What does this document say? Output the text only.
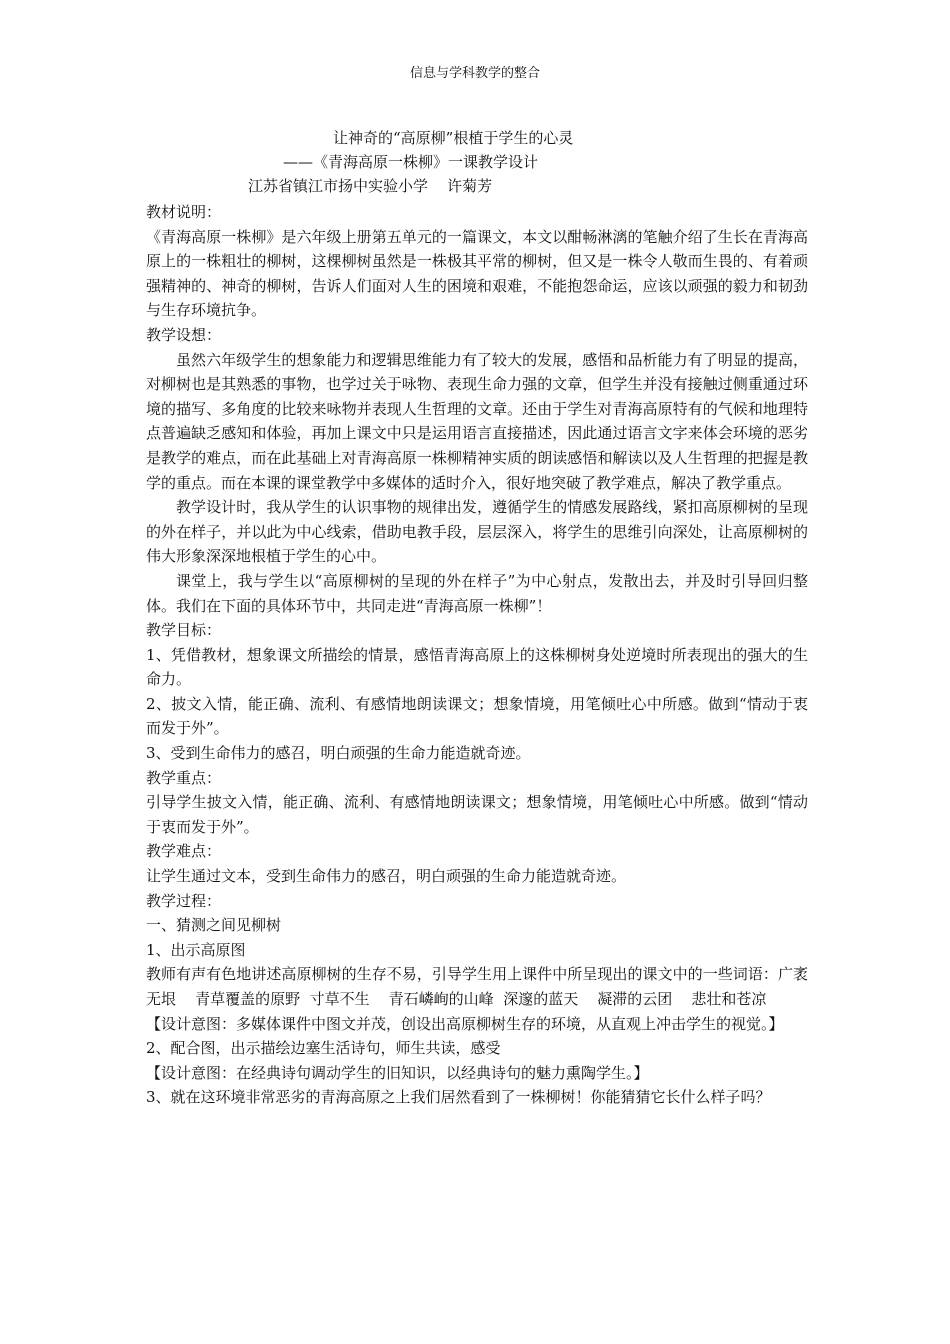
信息与学科教学的整合
让神奇的“高原柳”根植于学生的心灵
——《青海高原一株柳》一课教学设计
江苏省镇江市扬中实验小学    许菊芳

教材说明：

《青海高原一株柳》是六年级上册第五单元的一篇课文，本文以酣畅淋漓的笔触介绍了生长在青海高原上的一株粗壮的柳树，这棵柳树虽然是一株极其平常的柳树，但又是一株令人敬而生畏的、有着顽强精神的、神奇的柳树，告诉人们面对人生的困境和艰难，不能抱怨命运，应该以顽强的毅力和韧劲与生存环境抗争。

教学设想：

虽然六年级学生的想象能力和逻辑思维能力有了较大的发展，感悟和品析能力有了明显的提高，对柳树也是其熟悉的事物，也学过关于咏物、表现生命力强的文章，但学生并没有接触过侧重通过环境的描写、多角度的比较来咏物并表现人生哲理的文章。还由于学生对青海高原特有的气候和地理特点普遍缺乏感知和体验，再加上课文中只是运用语言直接描述，因此通过语言文字来体会环境的恶劣是教学的难点，而在此基础上对青海高原一株柳精神实质的朗读感悟和解读以及人生哲理的把握是教学的重点。而在本课的课堂教学中多媒体的适时介入，很好地突破了教学难点，解决了教学重点。

教学设计时，我从学生的认识事物的规律出发，遵循学生的情感发展路线，紧扣高原柳树的呈现的外在样子，并以此为中心线索，借助电教手段，层层深入，将学生的思维引向深处，让高原柳树的伟大形象深深地根植于学生的心中。

课堂上，我与学生以“高原柳树的呈现的外在样子”为中心射点，发散出去，并及时引导回归整体。我们在下面的具体环节中，共同走进“青海高原一株柳”！

教学目标：

1、凭借教材，想象课文所描绘的情景，感悟青海高原上的这株柳树身处逆境时所表现出的强大的生命力。

2、披文入情，能正确、流利、有感情地朗读课文；想象情境，用笔倾吐心中所感。做到“情动于衷而发于外”。

3、受到生命伟力的感召，明白顽强的生命力能造就奇迹。

教学重点：

引导学生披文入情，能正确、流利、有感情地朗读课文；想象情境，用笔倾吐心中所感。做到“情动于衷而发于外”。

教学难点：

让学生通过文本，受到生命伟力的感召，明白顽强的生命力能造就奇迹。

教学过程：

一、猜测之间见柳树

1、出示高原图

教师有声有色地讲述高原柳树的生存不易，引导学生用上课件中所呈现出的课文中的一些词语：广袤无垠    青草覆盖的原野  寸草不生    青石嶙峋的山峰  深邃的蓝天    凝滞的云团    悲壮和苍凉

【设计意图：多媒体课件中图文并茂，创设出高原柳树生存的环境，从直观上冲击学生的视觉。】

2、配合图，出示描绘边塞生活诗句，师生共读，感受

【设计意图：在经典诗句调动学生的旧知识，以经典诗句的魅力熏陶学生。】

3、就在这环境非常恶劣的青海高原之上我们居然看到了一株柳树！你能猜猜它长什么样子吗？
